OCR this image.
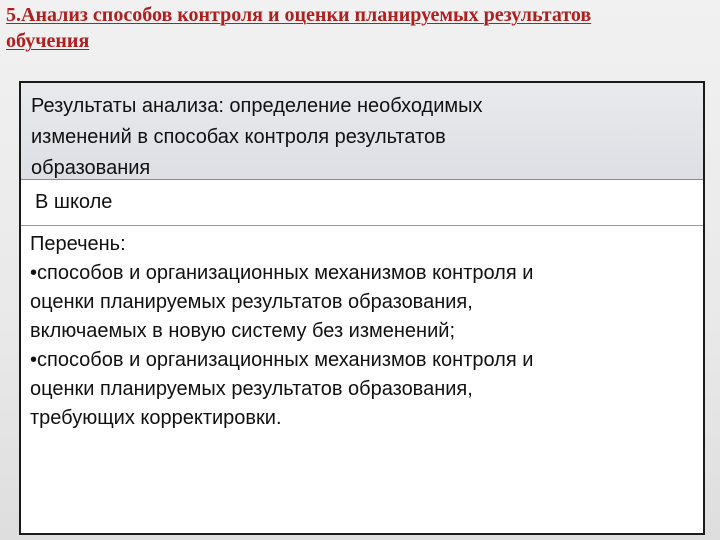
5.Анализ способов контроля и оценки планируемых результатов
обучения
Результаты анализа: определение необходимых
изменений в способах контроля результатов
образования
В школе
Перечень:
•способов и организационных механизмов контроля и
оценки планируемых результатов образования,
включаемых в новую систему без изменений;
•способов и организационных механизмов контроля и
оценки планируемых результатов образования,
требующих корректировки.
